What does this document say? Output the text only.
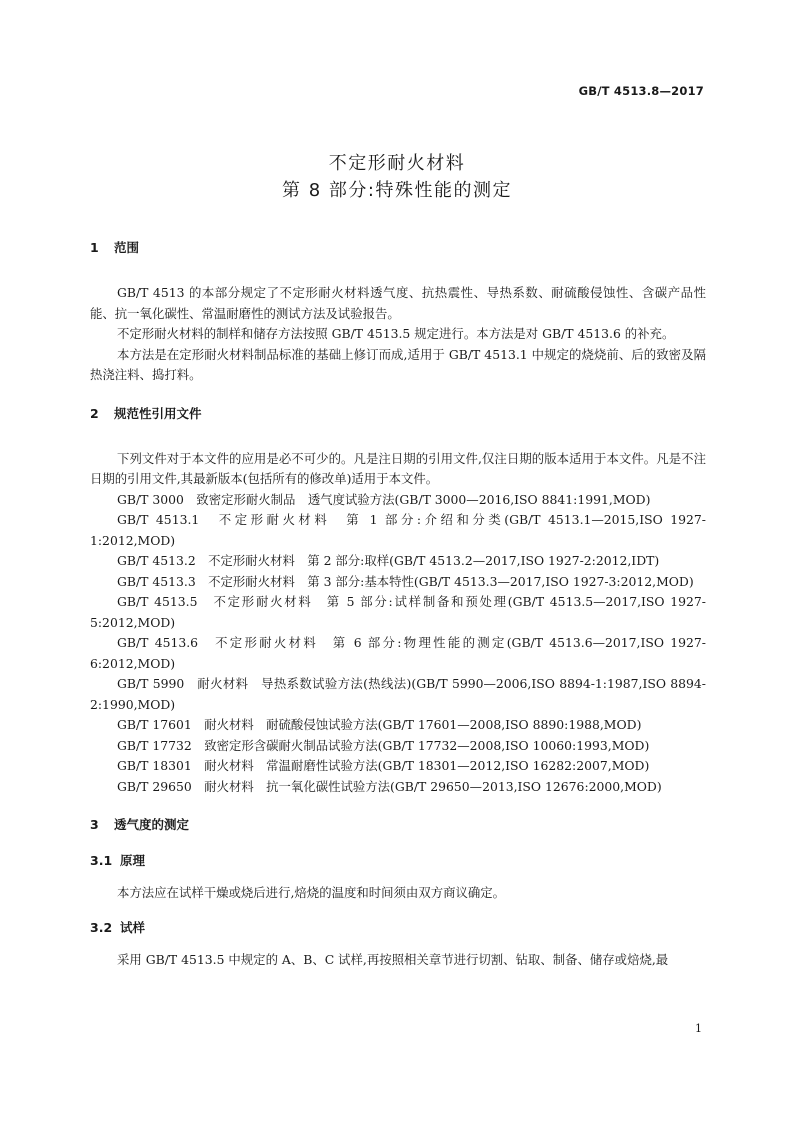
GB/T 4513.8—2017
不定形耐火材料
第 8 部分:特殊性能的测定
1 范围

GB/T 4513 的本部分规定了不定形耐火材料透气度、抗热震性、导热系数、耐硫酸侵蚀性、含碳产品性能、抗一氧化碳性、常温耐磨性的测试方法及试验报告。

不定形耐火材料的制样和储存方法按照 GB/T 4513.5 规定进行。本方法是对 GB/T 4513.6 的补充。

本方法是在定形耐火材料制品标准的基础上修订而成,适用于 GB/T 4513.1 中规定的烧烧前、后的致密及隔热浇注料、捣打料。

2 规范性引用文件

下列文件对于本文件的应用是必不可少的。凡是注日期的引用文件,仅注日期的版本适用于本文件。凡是不注日期的引用文件,其最新版本(包括所有的修改单)适用于本文件。

GB/T 3000　致密定形耐火制品　透气度试验方法(GB/T 3000—2016,ISO 8841:1991,MOD)

GB/T 4513.1　不定形耐火材料　第 1 部分:介绍和分类(GB/T 4513.1—2015,ISO 1927-1:2012,MOD)

GB/T 4513.2　不定形耐火材料　第 2 部分:取样(GB/T 4513.2—2017,ISO 1927-2:2012,IDT)

GB/T 4513.3　不定形耐火材料　第 3 部分:基本特性(GB/T 4513.3—2017,ISO 1927-3:2012,MOD)

GB/T 4513.5　不定形耐火材料　第 5 部分:试样制备和预处理(GB/T 4513.5—2017,ISO 1927-5:2012,MOD)

GB/T 4513.6　不定形耐火材料　第 6 部分:物理性能的测定(GB/T 4513.6—2017,ISO 1927-6:2012,MOD)

GB/T 5990　耐火材料　导热系数试验方法(热线法)(GB/T 5990—2006,ISO 8894-1:1987,ISO 8894-2:1990,MOD)

GB/T 17601　耐火材料　耐硫酸侵蚀试验方法(GB/T 17601—2008,ISO 8890:1988,MOD)

GB/T 17732　致密定形含碳耐火制品试验方法(GB/T 17732—2008,ISO 10060:1993,MOD)

GB/T 18301　耐火材料　常温耐磨性试验方法(GB/T 18301—2012,ISO 16282:2007,MOD)

GB/T 29650　耐火材料　抗一氧化碳性试验方法(GB/T 29650—2013,ISO 12676:2000,MOD)

3 透气度的测定
3.1 原理

本方法应在试样干燥或烧后进行,焙烧的温度和时间须由双方商议确定。

3.2 试样

采用 GB/T 4513.5 中规定的 A、B、C 试样,再按照相关章节进行切割、钻取、制备、储存或焙烧,最

1
